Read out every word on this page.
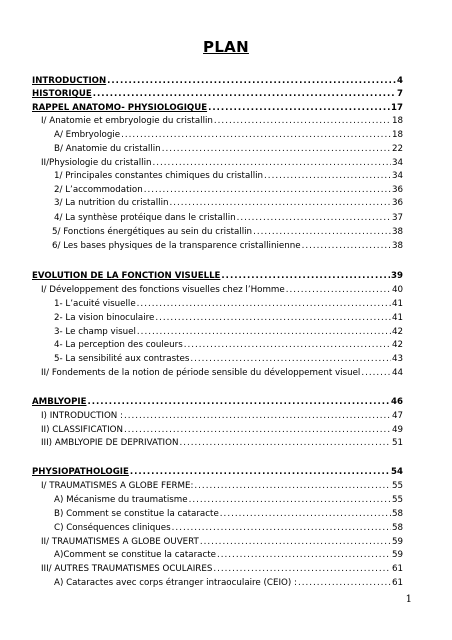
PLAN
INTRODUCTION .....	4
HISTORIQUE .....	7
RAPPEL ANATOMO- PHYSIOLOGIQUE .....	17
I/ Anatomie et embryologie du cristallin .....	18
A/ Embryologie .....	18
B/ Anatomie du cristallin .....	22
II/Physiologie du cristallin .....	34
1/ Principales constantes chimiques du cristallin .....	34
2/ L’accommodation .....	36
3/ La nutrition du cristallin .....	36
4/ La synthèse protéique dans le cristallin .....	37
5/ Fonctions énergétiques au sein du cristallin .....	38
6/ Les bases physiques de la transparence cristallinienne .....	38
EVOLUTION DE LA FONCTION VISUELLE .....	39
I/ Développement des fonctions visuelles chez l’Homme .....	40
1- L’acuité visuelle .....	41
2- La vision binoculaire .....	41
3- Le champ visuel .....	42
4- La perception des couleurs .....	42
5- La sensibilité aux contrastes .....	43
II/ Fondements de la notion de période sensible du développement visuel .....	44
AMBLYOPIE .....	46
I) INTRODUCTION : .....	47
II) CLASSIFICATION .....	49
III) AMBLYOPIE DE DEPRIVATION .....	51
PHYSIOPATHOLOGIE .....	54
I/ TRAUMATISMES A GLOBE FERME: .....	55
A) Mécanisme du traumatisme .....	55
B) Comment se constitue la cataracte .....	58
C) Conséquences cliniques .....	58
II/ TRAUMATISMES A GLOBE OUVERT .....	59
A)Comment se constitue la cataracte .....	59
III/ AUTRES TRAUMATISMES OCULAIRES .....	61
A) Cataractes avec corps étranger intraoculaire (CEIO) : .....	61
1
